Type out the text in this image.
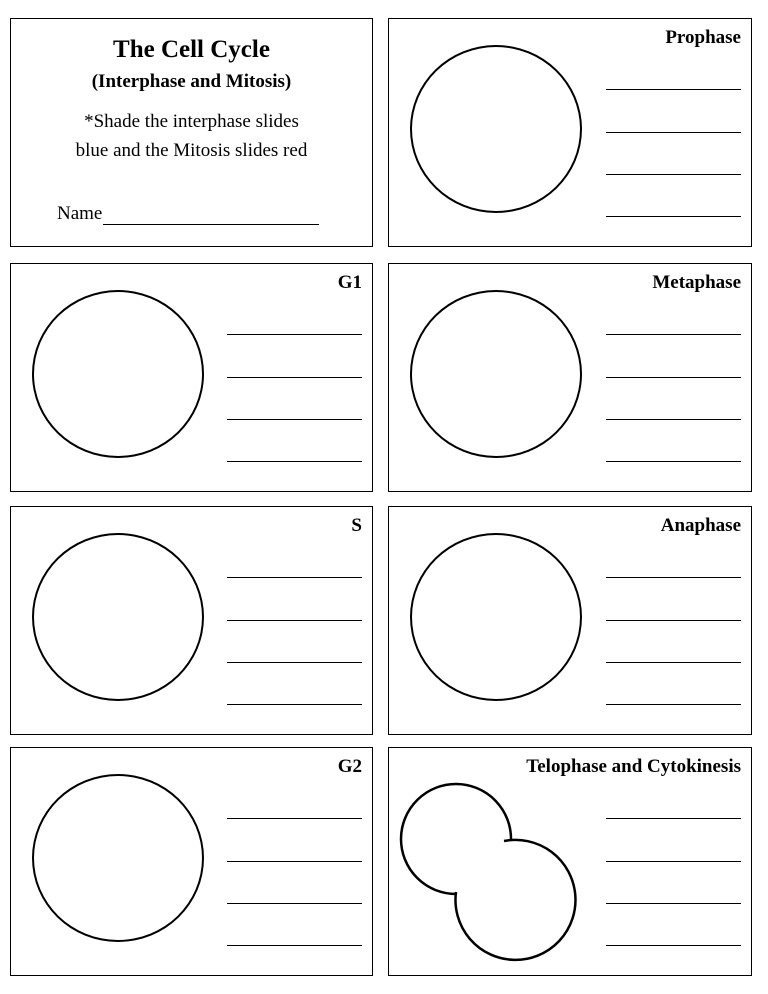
The Cell Cycle
(Interphase and Mitosis)
*Shade the interphase slides
blue and the Mitosis slides red
Name
Prophase
G1	Metaphase
S	Anaphase
G2	Telophase and Cytokinesis
